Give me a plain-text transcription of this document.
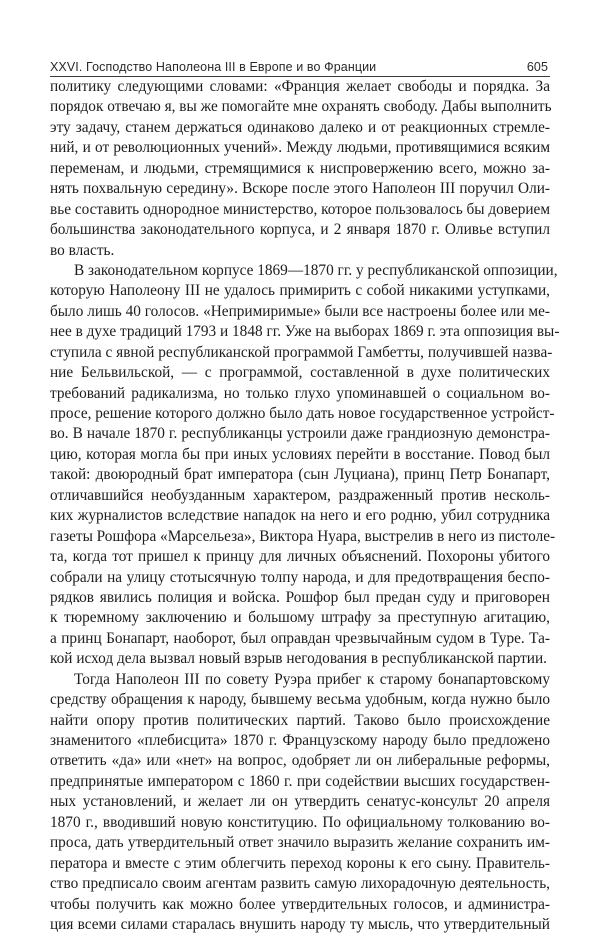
XXVI. Господство Наполеона III в Европе и во Франции	605
политику следующими словами: «Франция желает свободы и порядка. За
порядок отвечаю я, вы же помогайте мне охранять свободу. Дабы выполнить
эту задачу, станем держаться одинаково далеко и от реакционных стремле-
ний, и от революционных учений». Между людьми, противящимися всяким
переменам, и людьми, стремящимися к ниспровержению всего, можно за-
нять похвальную середину». Вскоре после этого Наполеон III поручил Оли-
вье составить однородное министерство, которое пользовалось бы доверием
большинства законодательного корпуса, и 2 января 1870 г. Оливье вступил
во власть.
В законодательном корпусе 1869—1870 гг. у республиканской оппозиции,
которую Наполеону III не удалось примирить с собой никакими уступками,
было лишь 40 голосов. «Непримиримые» были все настроены более или ме-
нее в духе традиций 1793 и 1848 гг. Уже на выборах 1869 г. эта оппозиция вы-
ступила с явной республиканской программой Гамбетты, получившей назва-
ние Бельвильской, — с программой, составленной в духе политических
требований радикализма, но только глухо упоминавшей о социальном во-
просе, решение которого должно было дать новое государственное устройст-
во. В начале 1870 г. республиканцы устроили даже грандиозную демонстра-
цию, которая могла бы при иных условиях перейти в восстание. Повод был
такой: двоюродный брат императора (сын Луциана), принц Петр Бонапарт,
отличавшийся необузданным характером, раздраженный против несколь-
ких журналистов вследствие нападок на него и его родню, убил сотрудника
газеты Рошфора «Марсельеза», Виктора Нуара, выстрелив в него из пистоле-
та, когда тот пришел к принцу для личных объяснений. Похороны убитого
собрали на улицу стотысячную толпу народа, и для предотвращения беспо-
рядков явились полиция и войска. Рошфор был предан суду и приговорен
к тюремному заключению и большому штрафу за преступную агитацию,
а принц Бонапарт, наоборот, был оправдан чрезвычайным судом в Туре. Та-
кой исход дела вызвал новый взрыв негодования в республиканской партии.
Тогда Наполеон III по совету Руэра прибег к старому бонапартовскому
средству обращения к народу, бывшему весьма удобным, когда нужно было
найти опору против политических партий. Таково было происхождение
знаменитого «плебисцита» 1870 г. Французскому народу было предложено
ответить «да» или «нет» на вопрос, одобряет ли он либеральные реформы,
предпринятые императором с 1860 г. при содействии высших государствен-
ных установлений, и желает ли он утвердить сенатус-консульт 20 апреля
1870 г., вводивший новую конституцию. По официальному толкованию во-
проса, дать утвердительный ответ значило выразить желание сохранить им-
ператора и вместе с этим облегчить переход короны к его сыну. Правитель-
ство предписало своим агентам развить самую лихорадочную деятельность,
чтобы получить как можно более утвердительных голосов, и администра-
ция всеми силами старалась внушить народу ту мысль, что утвердительный
